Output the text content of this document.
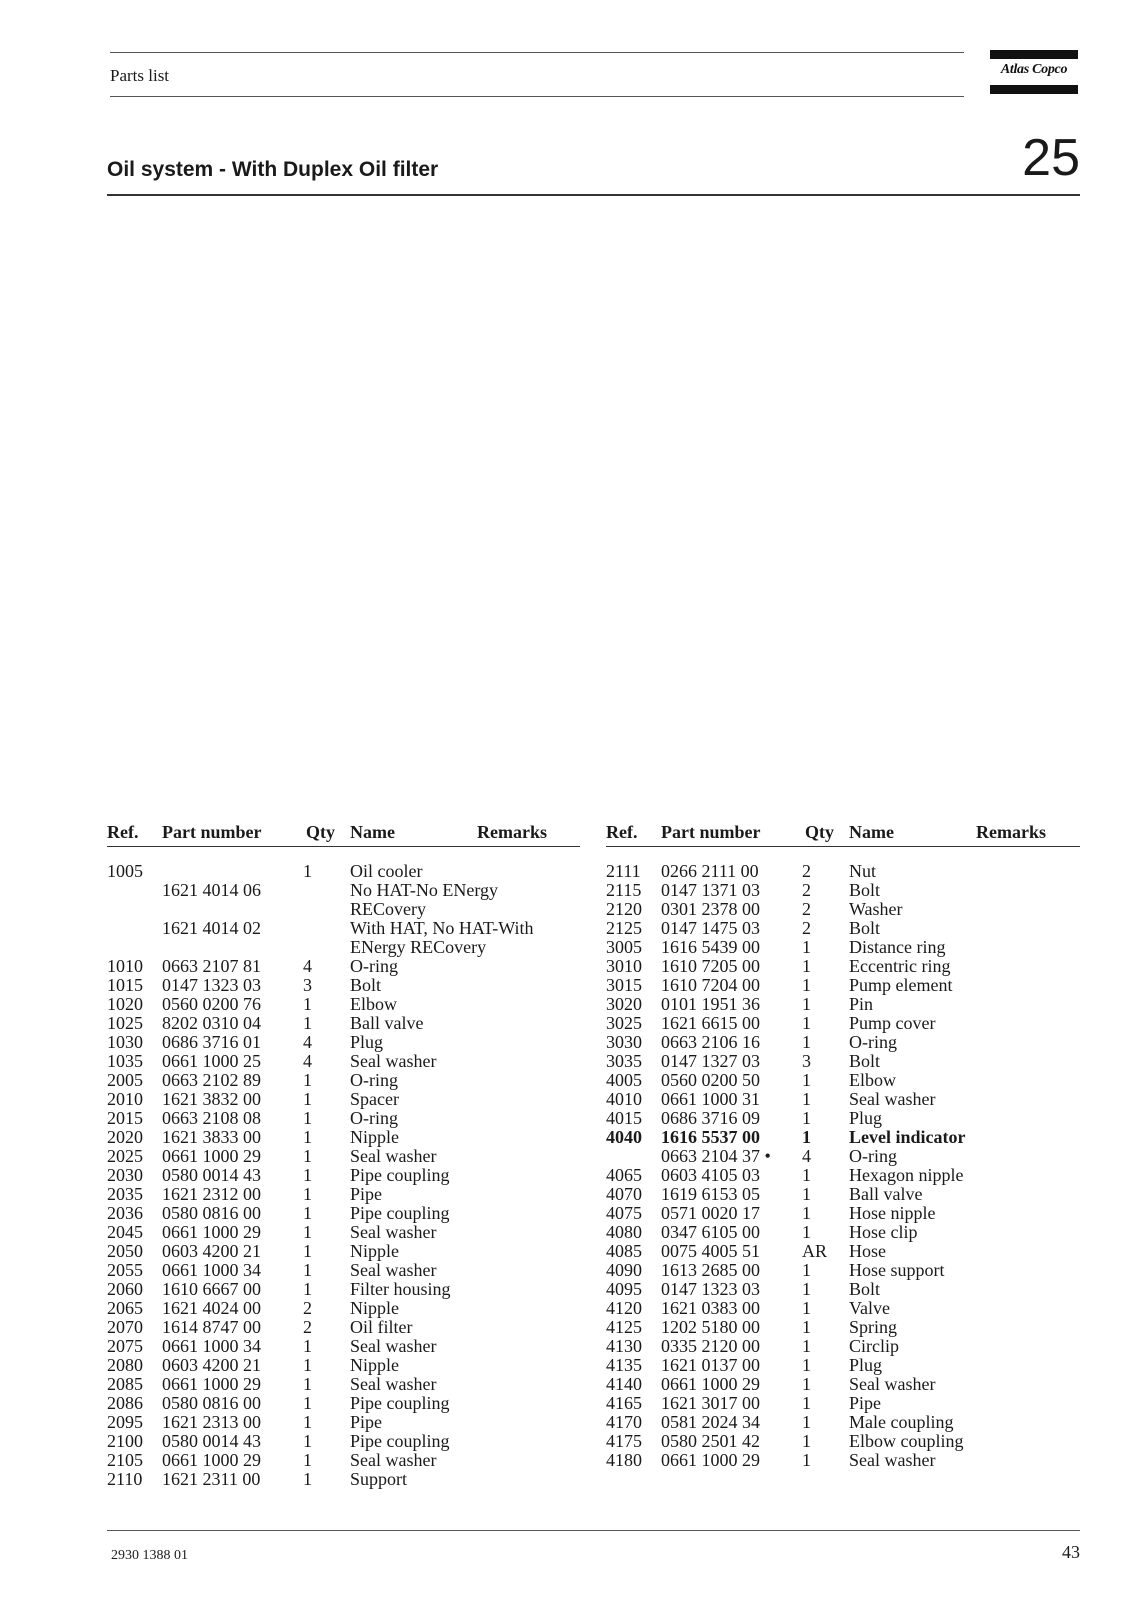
Parts list	Atlas Copco
Oil system - With Duplex Oil filter	25
Ref. Part number Qty Name	Remarks
1005	1 Oil cooler
1621 4014 06	No HAT-No ENergy
RECovery
1621 4014 02	With HAT, No HAT-With
ENergy RECovery
1010 0663 2107 81 4 O-ring
1015 0147 1323 03 3 Bolt
1020 0560 0200 76 1 Elbow
1025 8202 0310 04 1 Ball valve
1030 0686 3716 01 4 Plug
1035 0661 1000 25 4 Seal washer
2005 0663 2102 89 1 O-ring
2010 1621 3832 00 1 Spacer
2015 0663 2108 08 1 O-ring
2020 1621 3833 00 1 Nipple
2025 0661 1000 29 1 Seal washer
2030 0580 0014 43 1 Pipe coupling
2035 1621 2312 00 1 Pipe
2036 0580 0816 00 1 Pipe coupling
2045 0661 1000 29 1 Seal washer
2050 0603 4200 21 1 Nipple
2055 0661 1000 34 1 Seal washer
2060 1610 6667 00 1 Filter housing
2065 1621 4024 00 2 Nipple
2070 1614 8747 00 2 Oil filter
2075 0661 1000 34 1 Seal washer
2080 0603 4200 21 1 Nipple
2085 0661 1000 29 1 Seal washer
2086 0580 0816 00 1 Pipe coupling
2095 1621 2313 00 1 Pipe
2100 0580 0014 43 1 Pipe coupling
2105 0661 1000 29 1 Seal washer
2110 1621 2311 00 1 Support
Ref. Part number Qty Name	Remarks
2111 0266 2111 00 2 Nut
2115 0147 1371 03 2 Bolt
2120 0301 2378 00 2 Washer
2125 0147 1475 03 2 Bolt
3005 1616 5439 00 1 Distance ring
3010 1610 7205 00 1 Eccentric ring
3015 1610 7204 00 1 Pump element
3020 0101 1951 36 1 Pin
3025 1621 6615 00 1 Pump cover
3030 0663 2106 16 1 O-ring
3035 0147 1327 03 3 Bolt
4005 0560 0200 50 1 Elbow
4010 0661 1000 31 1 Seal washer
4015 0686 3716 09 1 Plug
4040 1616 5537 00 1 Level indicator
0663 2104 37 • 4 O-ring
4065 0603 4105 03 1 Hexagon nipple
4070 1619 6153 05 1 Ball valve
4075 0571 0020 17 1 Hose nipple
4080 0347 6105 00 1 Hose clip
4085 0075 4005 51 AR Hose
4090 1613 2685 00 1 Hose support
4095 0147 1323 03 1 Bolt
4120 1621 0383 00 1 Valve
4125 1202 5180 00 1 Spring
4130 0335 2120 00 1 Circlip
4135 1621 0137 00 1 Plug
4140 0661 1000 29 1 Seal washer
4165 1621 3017 00 1 Pipe
4170 0581 2024 34 1 Male coupling
4175 0580 2501 42 1 Elbow coupling
4180 0661 1000 29 1 Seal washer
2930 1388 01	43
